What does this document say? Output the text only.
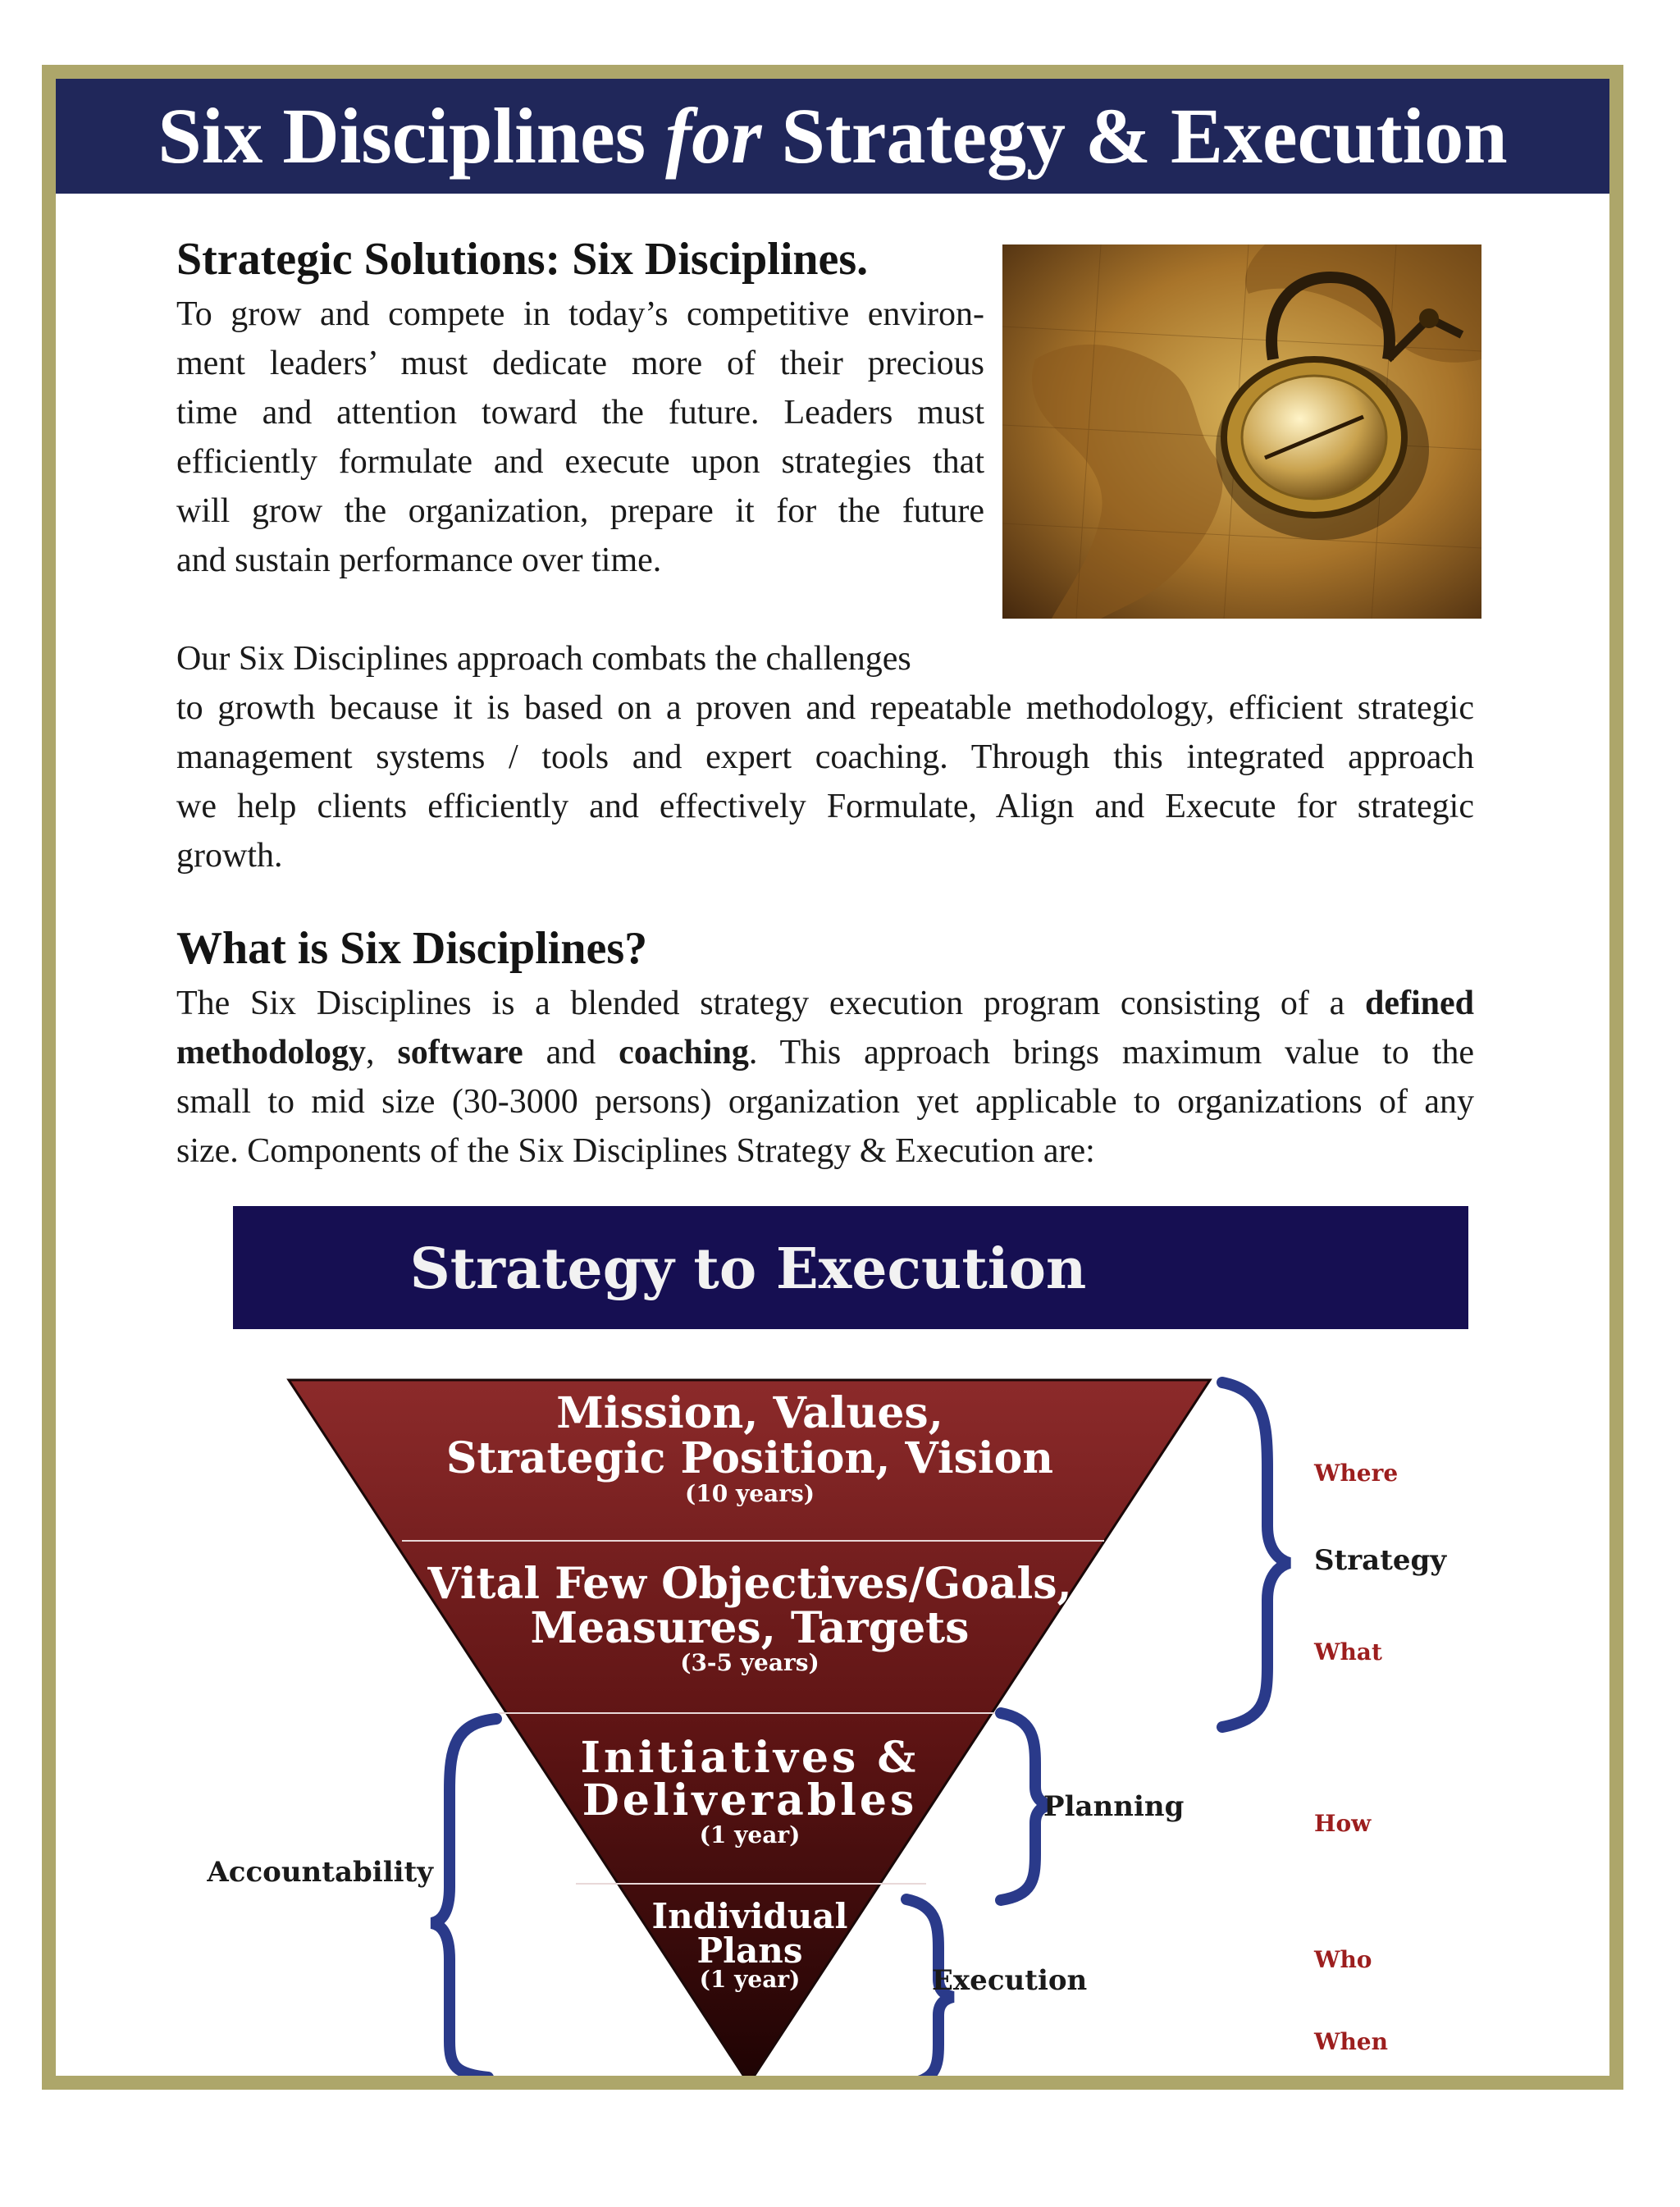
Six Disciplines for Strategy & Execution
Strategic Solutions: Six Disciplines.
To grow and compete in today’s competitive environ-
ment leaders’ must dedicate more of their precious
time and attention toward the future. Leaders must
efficiently formulate and execute upon strategies that
will grow the organization, prepare it for the future
and sustain performance over time.
Our Six Disciplines approach combats the challenges
to growth because it is based on a proven and repeatable methodology, efficient strategic
management systems / tools and expert coaching. Through this integrated approach
we help clients efficiently and effectively Formulate, Align and Execute for strategic
growth.
What is Six Disciplines?
The Six Disciplines is a blended strategy execution program consisting of a defined
methodology, software and coaching. This approach brings maximum value to the
small to mid size (30-3000 persons) organization yet applicable to organizations of any
size. Components of the Six Disciplines Strategy & Execution are:
Strategy to Execution
Mission, Values,
Strategic Position, Vision
(10 years)
Vital Few Objectives/Goals,
Measures, Targets
(3-5 years)
Initiatives &
Deliverables
(1 year)
Individual
Plans
(1 year)
Strategy
Planning
Execution
Accountability
Where
What
How
Who
When
